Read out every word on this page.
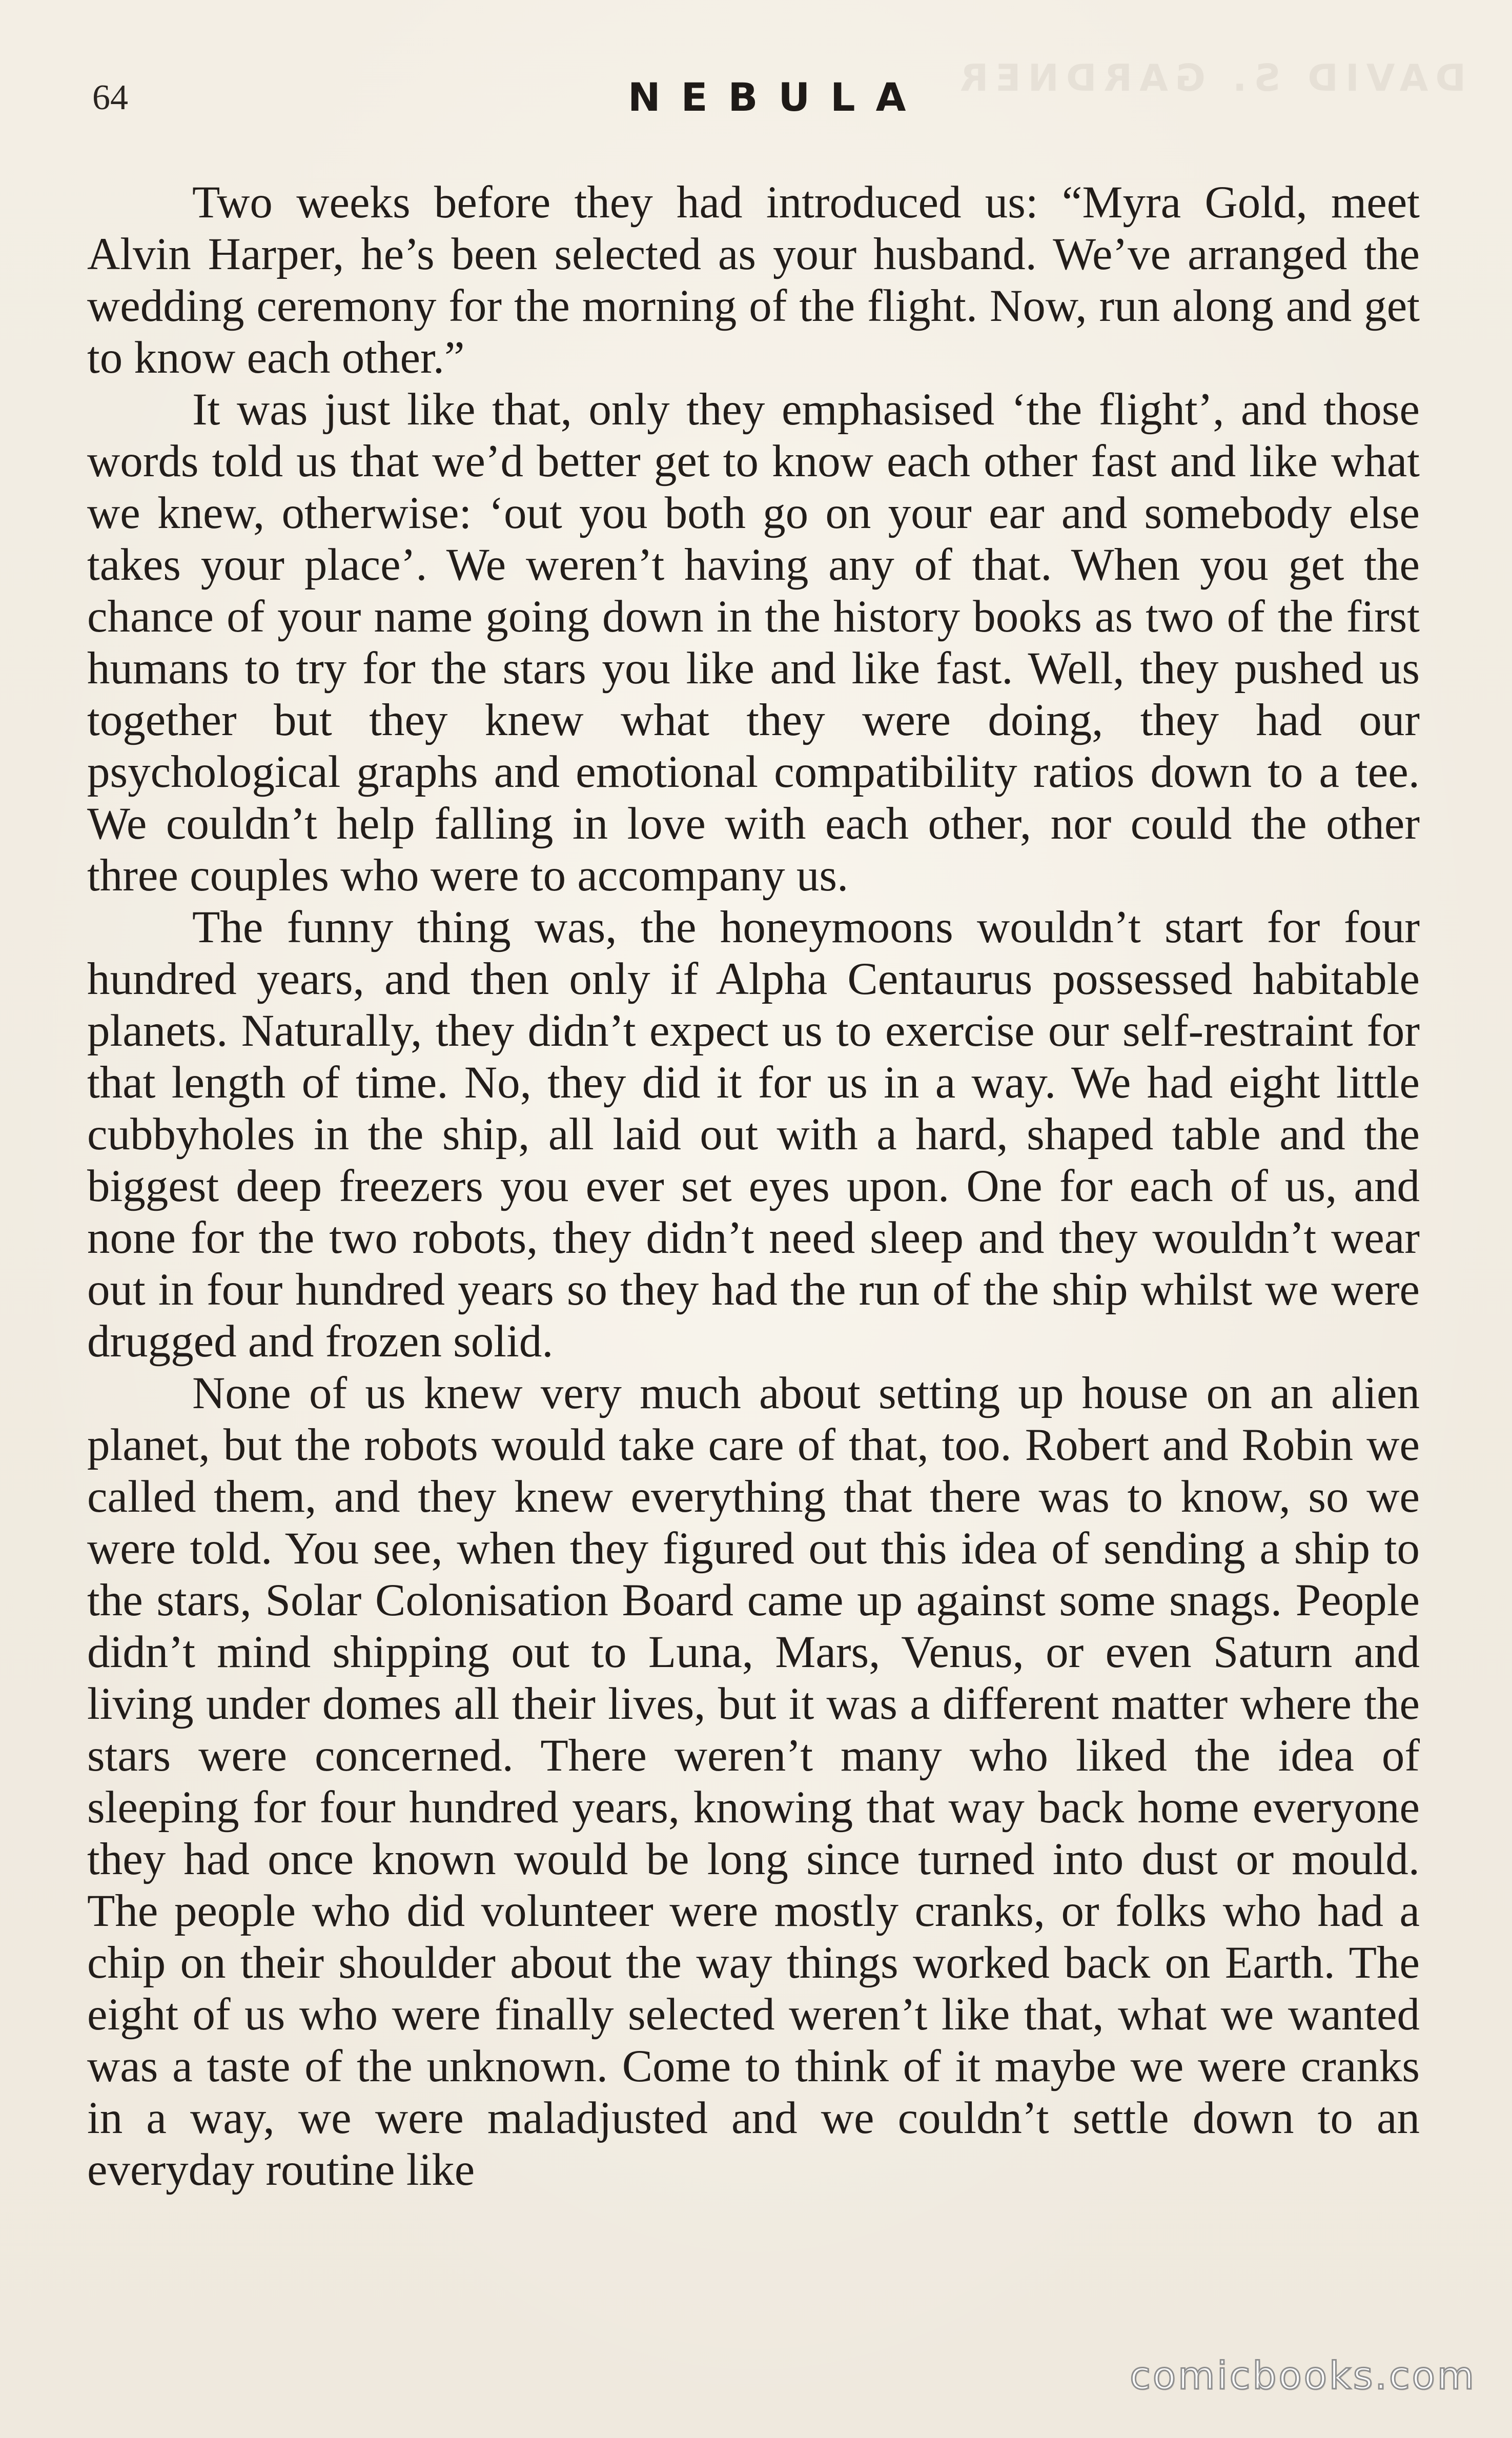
DAVID S. GARDNER
64	NEBULA

Two weeks before they had introduced us: “Myra Gold, meet Alvin Harper, he’s been selected as your husband. We’ve arranged the wedding ceremony for the morning of the flight. Now, run along and get to know each other.”

It was just like that, only they emphasised ‘the flight’, and those words told us that we’d better get to know each other fast and like what we knew, otherwise: ‘out you both go on your ear and somebody else takes your place’. We weren’t having any of that. When you get the chance of your name going down in the history books as two of the first humans to try for the stars you like and like fast. Well, they pushed us together but they knew what they were doing, they had our psychological graphs and emotional compatibility ratios down to a tee. We couldn’t help falling in love with each other, nor could the other three couples who were to accompany us.

The funny thing was, the honeymoons wouldn’t start for four hundred years, and then only if Alpha Centaurus possessed habitable planets. Naturally, they didn’t expect us to exercise our self-restraint for that length of time. No, they did it for us in a way. We had eight little cubbyholes in the ship, all laid out with a hard, shaped table and the biggest deep freezers you ever set eyes upon. One for each of us, and none for the two robots, they didn’t need sleep and they wouldn’t wear out in four hundred years so they had the run of the ship whilst we were drugged and frozen solid.

None of us knew very much about setting up house on an alien planet, but the robots would take care of that, too. Robert and Robin we called them, and they knew everything that there was to know, so we were told. You see, when they figured out this idea of sending a ship to the stars, Solar Colonisation Board came up against some snags. People didn’t mind shipping out to Luna, Mars, Venus, or even Saturn and living under domes all their lives, but it was a different matter where the stars were concerned. There weren’t many who liked the idea of sleeping for four hundred years, knowing that way back home everyone they had once known would be long since turned into dust or mould. The people who did volunteer were mostly cranks, or folks who had a chip on their shoulder about the way things worked back on Earth. The eight of us who were finally selected weren’t like that, what we wanted was a taste of the unknown. Come to think of it maybe we were cranks in a way, we were maladjusted and we couldn’t settle down to an everyday routine like

comicbooks.com
